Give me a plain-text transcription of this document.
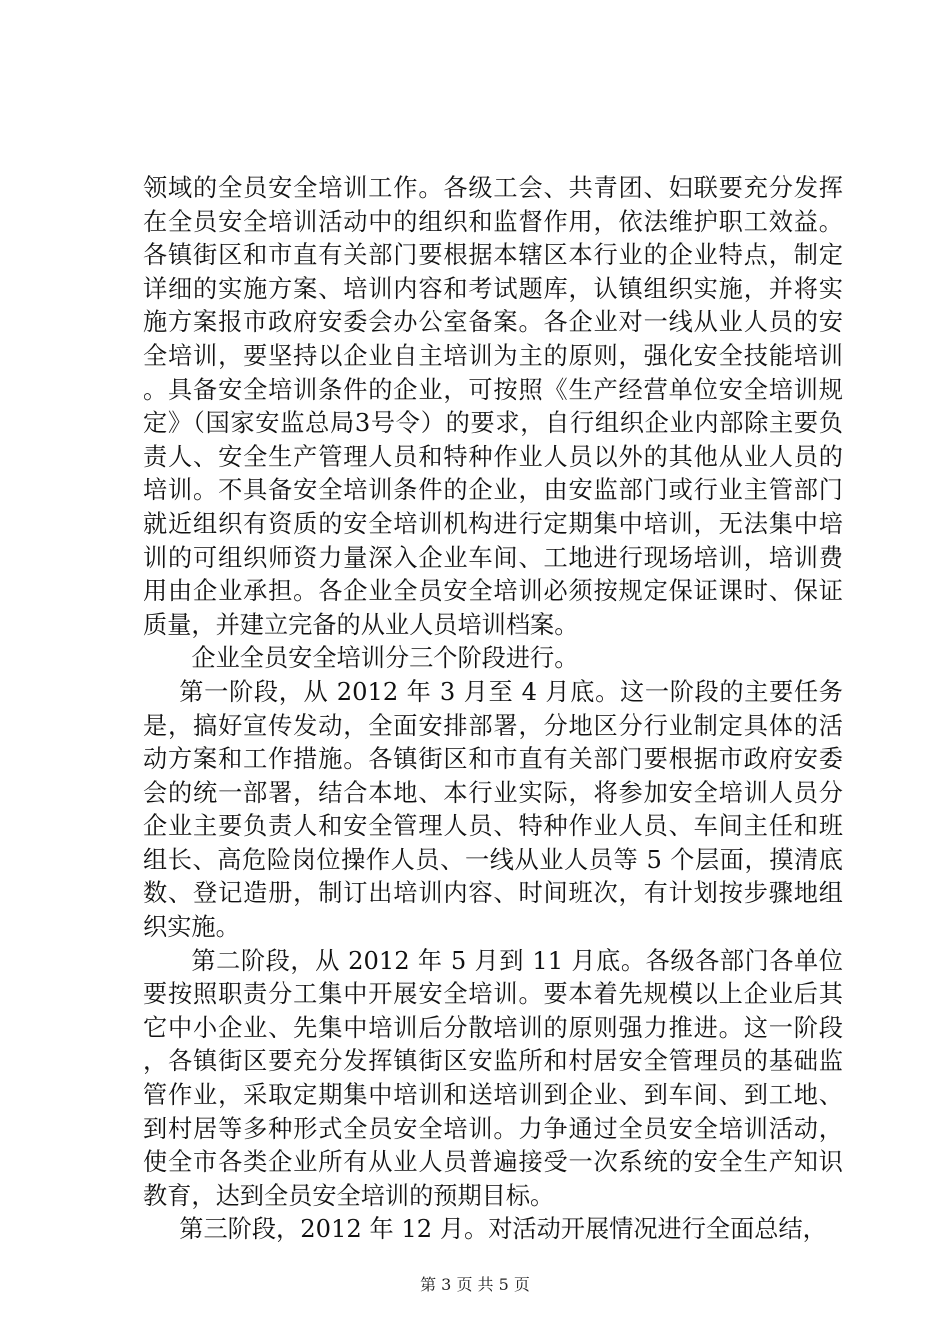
领域的全员安全培训工作。各级工会、共青团、妇联要充分发挥在全员安全培训活动中的组织和监督作用，依法维护职工效益。各镇街区和市直有关部门要根据本辖区本行业的企业特点，制定详细的实施方案、培训内容和考试题库，认镇组织实施，并将实施方案报市政府安委会办公室备案。各企业对一线从业人员的安全培训，要坚持以企业自主培训为主的原则，强化安全技能培训。具备安全培训条件的企业，可按照《生产经营单位安全培训规定》（国家安监总局3号令）的要求，自行组织企业内部除主要负责人、安全生产管理人员和特种作业人员以外的其他从业人员的培训。不具备安全培训条件的企业，由安监部门或行业主管部门就近组织有资质的安全培训机构进行定期集中培训，无法集中培训的可组织师资力量深入企业车间、工地进行现场培训，培训费用由企业承担。各企业全员安全培训必须按规定保证课时、保证质量，并建立完备的从业人员培训档案。

企业全员安全培训分三个阶段进行。

第一阶段，从 2012 年 3 月至 4 月底。这一阶段的主要任务是，搞好宣传发动，全面安排部署，分地区分行业制定具体的活动方案和工作措施。各镇街区和市直有关部门要根据市政府安委会的统一部署，结合本地、本行业实际，将参加安全培训人员分企业主要负责人和安全管理人员、特种作业人员、车间主任和班组长、高危险岗位操作人员、一线从业人员等 5 个层面，摸清底数、登记造册，制订出培训内容、时间班次，有计划按步骤地组织实施。

第二阶段，从 2012 年 5 月到 11 月底。各级各部门各单位要按照职责分工集中开展安全培训。要本着先规模以上企业后其它中小企业、先集中培训后分散培训的原则强力推进。这一阶段，各镇街区要充分发挥镇街区安监所和村居安全管理员的基础监管作业，采取定期集中培训和送培训到企业、到车间、到工地、到村居等多种形式全员安全培训。力争通过全员安全培训活动，使全市各类企业所有从业人员普遍接受一次系统的安全生产知识教育，达到全员安全培训的预期目标。

第三阶段，2012 年 12 月。对活动开展情况进行全面总结，

第 3 页 共 5 页
